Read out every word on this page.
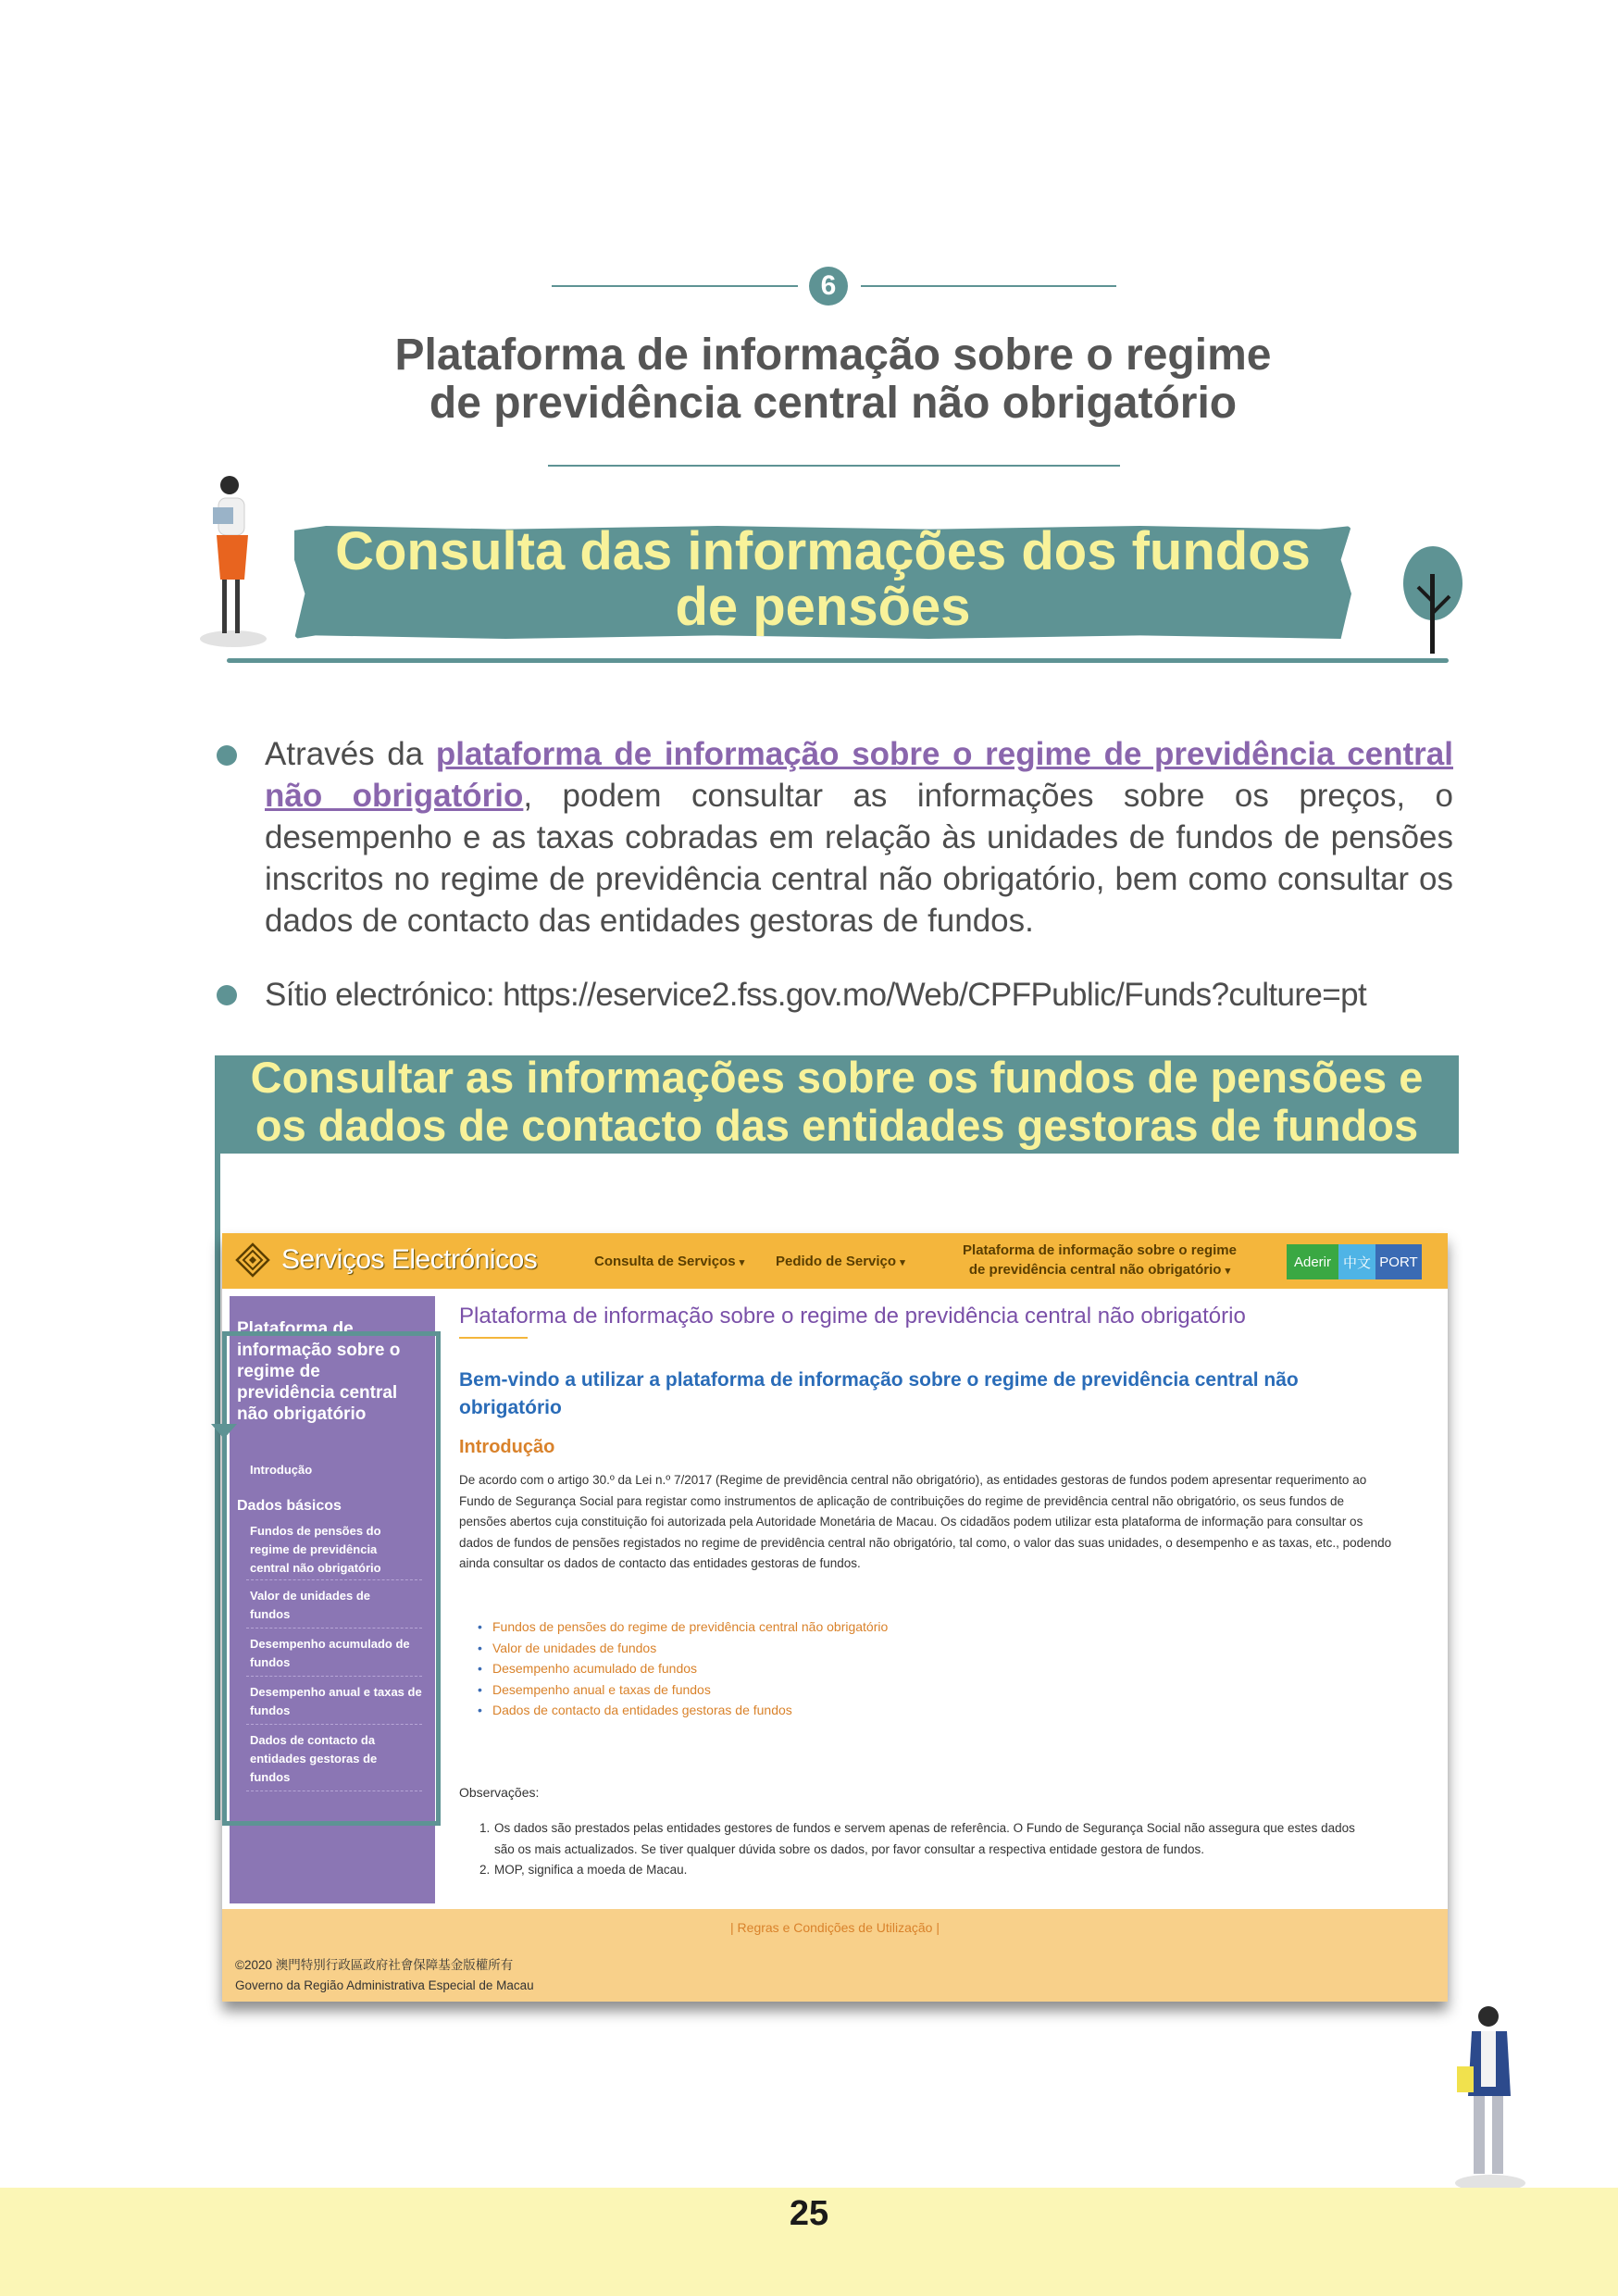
6
Plataforma de informação sobre o regime
de previdência central não obrigatório
Consulta das informações dos fundos
de pensões

Através da plataforma de informação sobre o regime de previdência central não obrigatório, podem consultar as informações sobre os preços, o desempenho e as taxas cobradas em relação às unidades de fundos de pensões inscritos no regime de previdência central não obrigatório, bem como consultar os dados de contacto das entidades gestoras de fundos.

Sítio electrónico: https://eservice2.fss.gov.mo/Web/CPFPublic/Funds?culture=pt

Consultar as informações sobre os fundos de pensões e
os dados de contacto das entidades gestoras de fundos
Serviços Electrónicos	Consulta de Serviços ▾ Pedido de Serviço ▾
Plataforma de informação sobre o regime
de previdência central não obrigatório ▾
Aderir 中文 PORT
Plataforma de informação sobre o regime de previdência central não obrigatório
Introdução
Dados básicos
Fundos de pensões do regime de previdência central não obrigatório
Valor de unidades de fundos
Desempenho acumulado de fundos
Desempenho anual e taxas de fundos
Dados de contacto da entidades gestoras de fundos
Plataforma de informação sobre o regime de previdência central não obrigatório
Bem-vindo a utilizar a plataforma de informação sobre o regime de previdência central não obrigatório
Introdução
De acordo com o artigo 30.º da Lei n.º 7/2017 (Regime de previdência central não obrigatório), as entidades gestoras de fundos podem apresentar requerimento ao Fundo de Segurança Social para registar como instrumentos de aplicação de contribuições do regime de previdência central não obrigatório, os seus fundos de pensões abertos cuja constituição foi autorizada pela Autoridade Monetária de Macau. Os cidadãos podem utilizar esta plataforma de informação para consultar os dados de fundos de pensões registados no regime de previdência central não obrigatório, tal como, o valor das suas unidades, o desempenho e as taxas, etc., podendo ainda consultar os dados de contacto das entidades gestoras de fundos.
• Fundos de pensões do regime de previdência central não obrigatório
• Valor de unidades de fundos
• Desempenho acumulado de fundos
• Desempenho anual e taxas de fundos
• Dados de contacto da entidades gestoras de fundos
Observações:
1. Os dados são prestados pelas entidades gestores de fundos e servem apenas de referência. O Fundo de Segurança Social não assegura que estes dados são os mais actualizados. Se tiver qualquer dúvida sobre os dados, por favor consultar a respectiva entidade gestora de fundos.
2. MOP, significa a moeda de Macau.
| Regras e Condições de Utilização |
©2020 澳門特別行政區政府社會保障基金版權所有
Governo da Região Administrativa Especial de Macau
25
